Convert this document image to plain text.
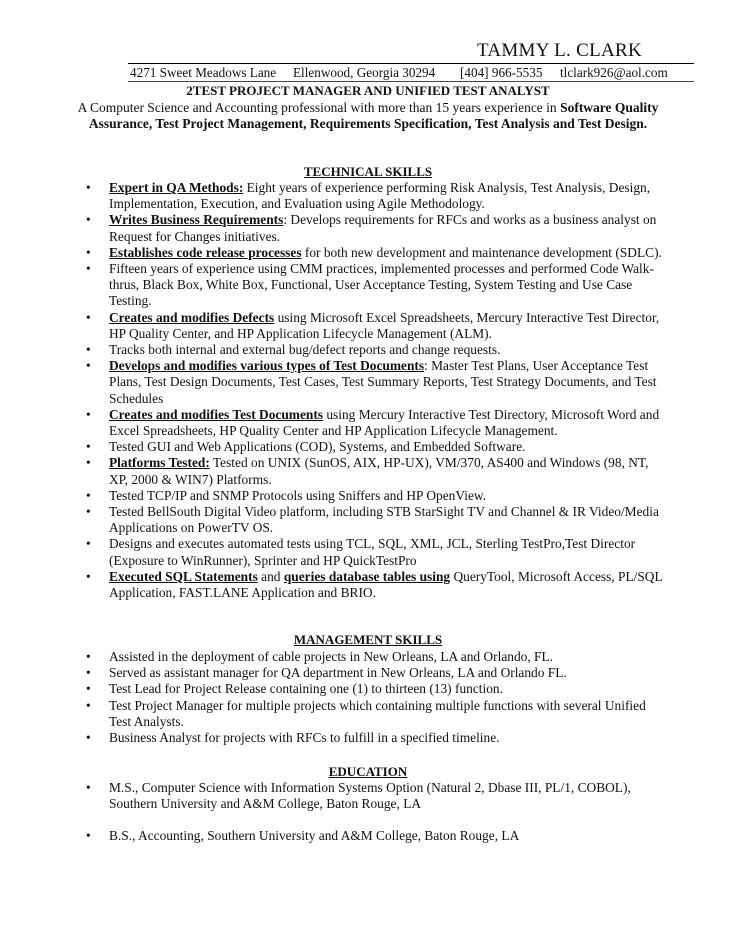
TAMMY L. CLARK
4271 Sweet Meadows Lane Ellenwood, Georgia 30294 [404] 966-5535 tlclark926@aol.com
2TEST PROJECT MANAGER AND UNIFIED TEST ANALYST
A Computer Science and Accounting professional with more than 15 years experience in Software Quality Assurance, Test Project Management, Requirements Specification, Test Analysis and Test Design.
TECHNICAL SKILLS
• Expert in QA Methods: Eight years of experience performing Risk Analysis, Test Analysis, Design, Implementation, Execution, and Evaluation using Agile Methodology.
• Writes Business Requirements: Develops requirements for RFCs and works as a business analyst on Request for Changes initiatives.
• Establishes code release processes for both new development and maintenance development (SDLC).
• Fifteen years of experience using CMM practices, implemented processes and performed Code Walk-thrus, Black Box, White Box, Functional, User Acceptance Testing, System Testing and Use Case Testing.
• Creates and modifies Defects using Microsoft Excel Spreadsheets, Mercury Interactive Test Director, HP Quality Center, and HP Application Lifecycle Management (ALM).
• Tracks both internal and external bug/defect reports and change requests.
• Develops and modifies various types of Test Documents: Master Test Plans, User Acceptance Test Plans, Test Design Documents, Test Cases, Test Summary Reports, Test Strategy Documents, and Test Schedules
• Creates and modifies Test Documents using Mercury Interactive Test Directory, Microsoft Word and Excel Spreadsheets, HP Quality Center and HP Application Lifecycle Management.
• Tested GUI and Web Applications (COD), Systems, and Embedded Software.
• Platforms Tested: Tested on UNIX (SunOS, AIX, HP-UX), VM/370, AS400 and Windows (98, NT, XP, 2000 & WIN7) Platforms.
• Tested TCP/IP and SNMP Protocols using Sniffers and HP OpenView.
• Tested BellSouth Digital Video platform, including STB StarSight TV and Channel & IR Video/Media Applications on PowerTV OS.
• Designs and executes automated tests using TCL, SQL, XML, JCL, Sterling TestPro,Test Director (Exposure to WinRunner), Sprinter and HP QuickTestPro
• Executed SQL Statements and queries database tables using QueryTool, Microsoft Access, PL/SQL Application, FAST.LANE Application and BRIO.
MANAGEMENT SKILLS
• Assisted in the deployment of cable projects in New Orleans, LA and Orlando, FL.
• Served as assistant manager for QA department in New Orleans, LA and Orlando FL.
• Test Lead for Project Release containing one (1) to thirteen (13) function.
• Test Project Manager for multiple projects which containing multiple functions with several Unified Test Analysts.
• Business Analyst for projects with RFCs to fulfill in a specified timeline.
EDUCATION
• M.S., Computer Science with Information Systems Option (Natural 2, Dbase III, PL/1, COBOL), Southern University and A&M College, Baton Rouge, LA
• B.S., Accounting, Southern University and A&M College, Baton Rouge, LA
